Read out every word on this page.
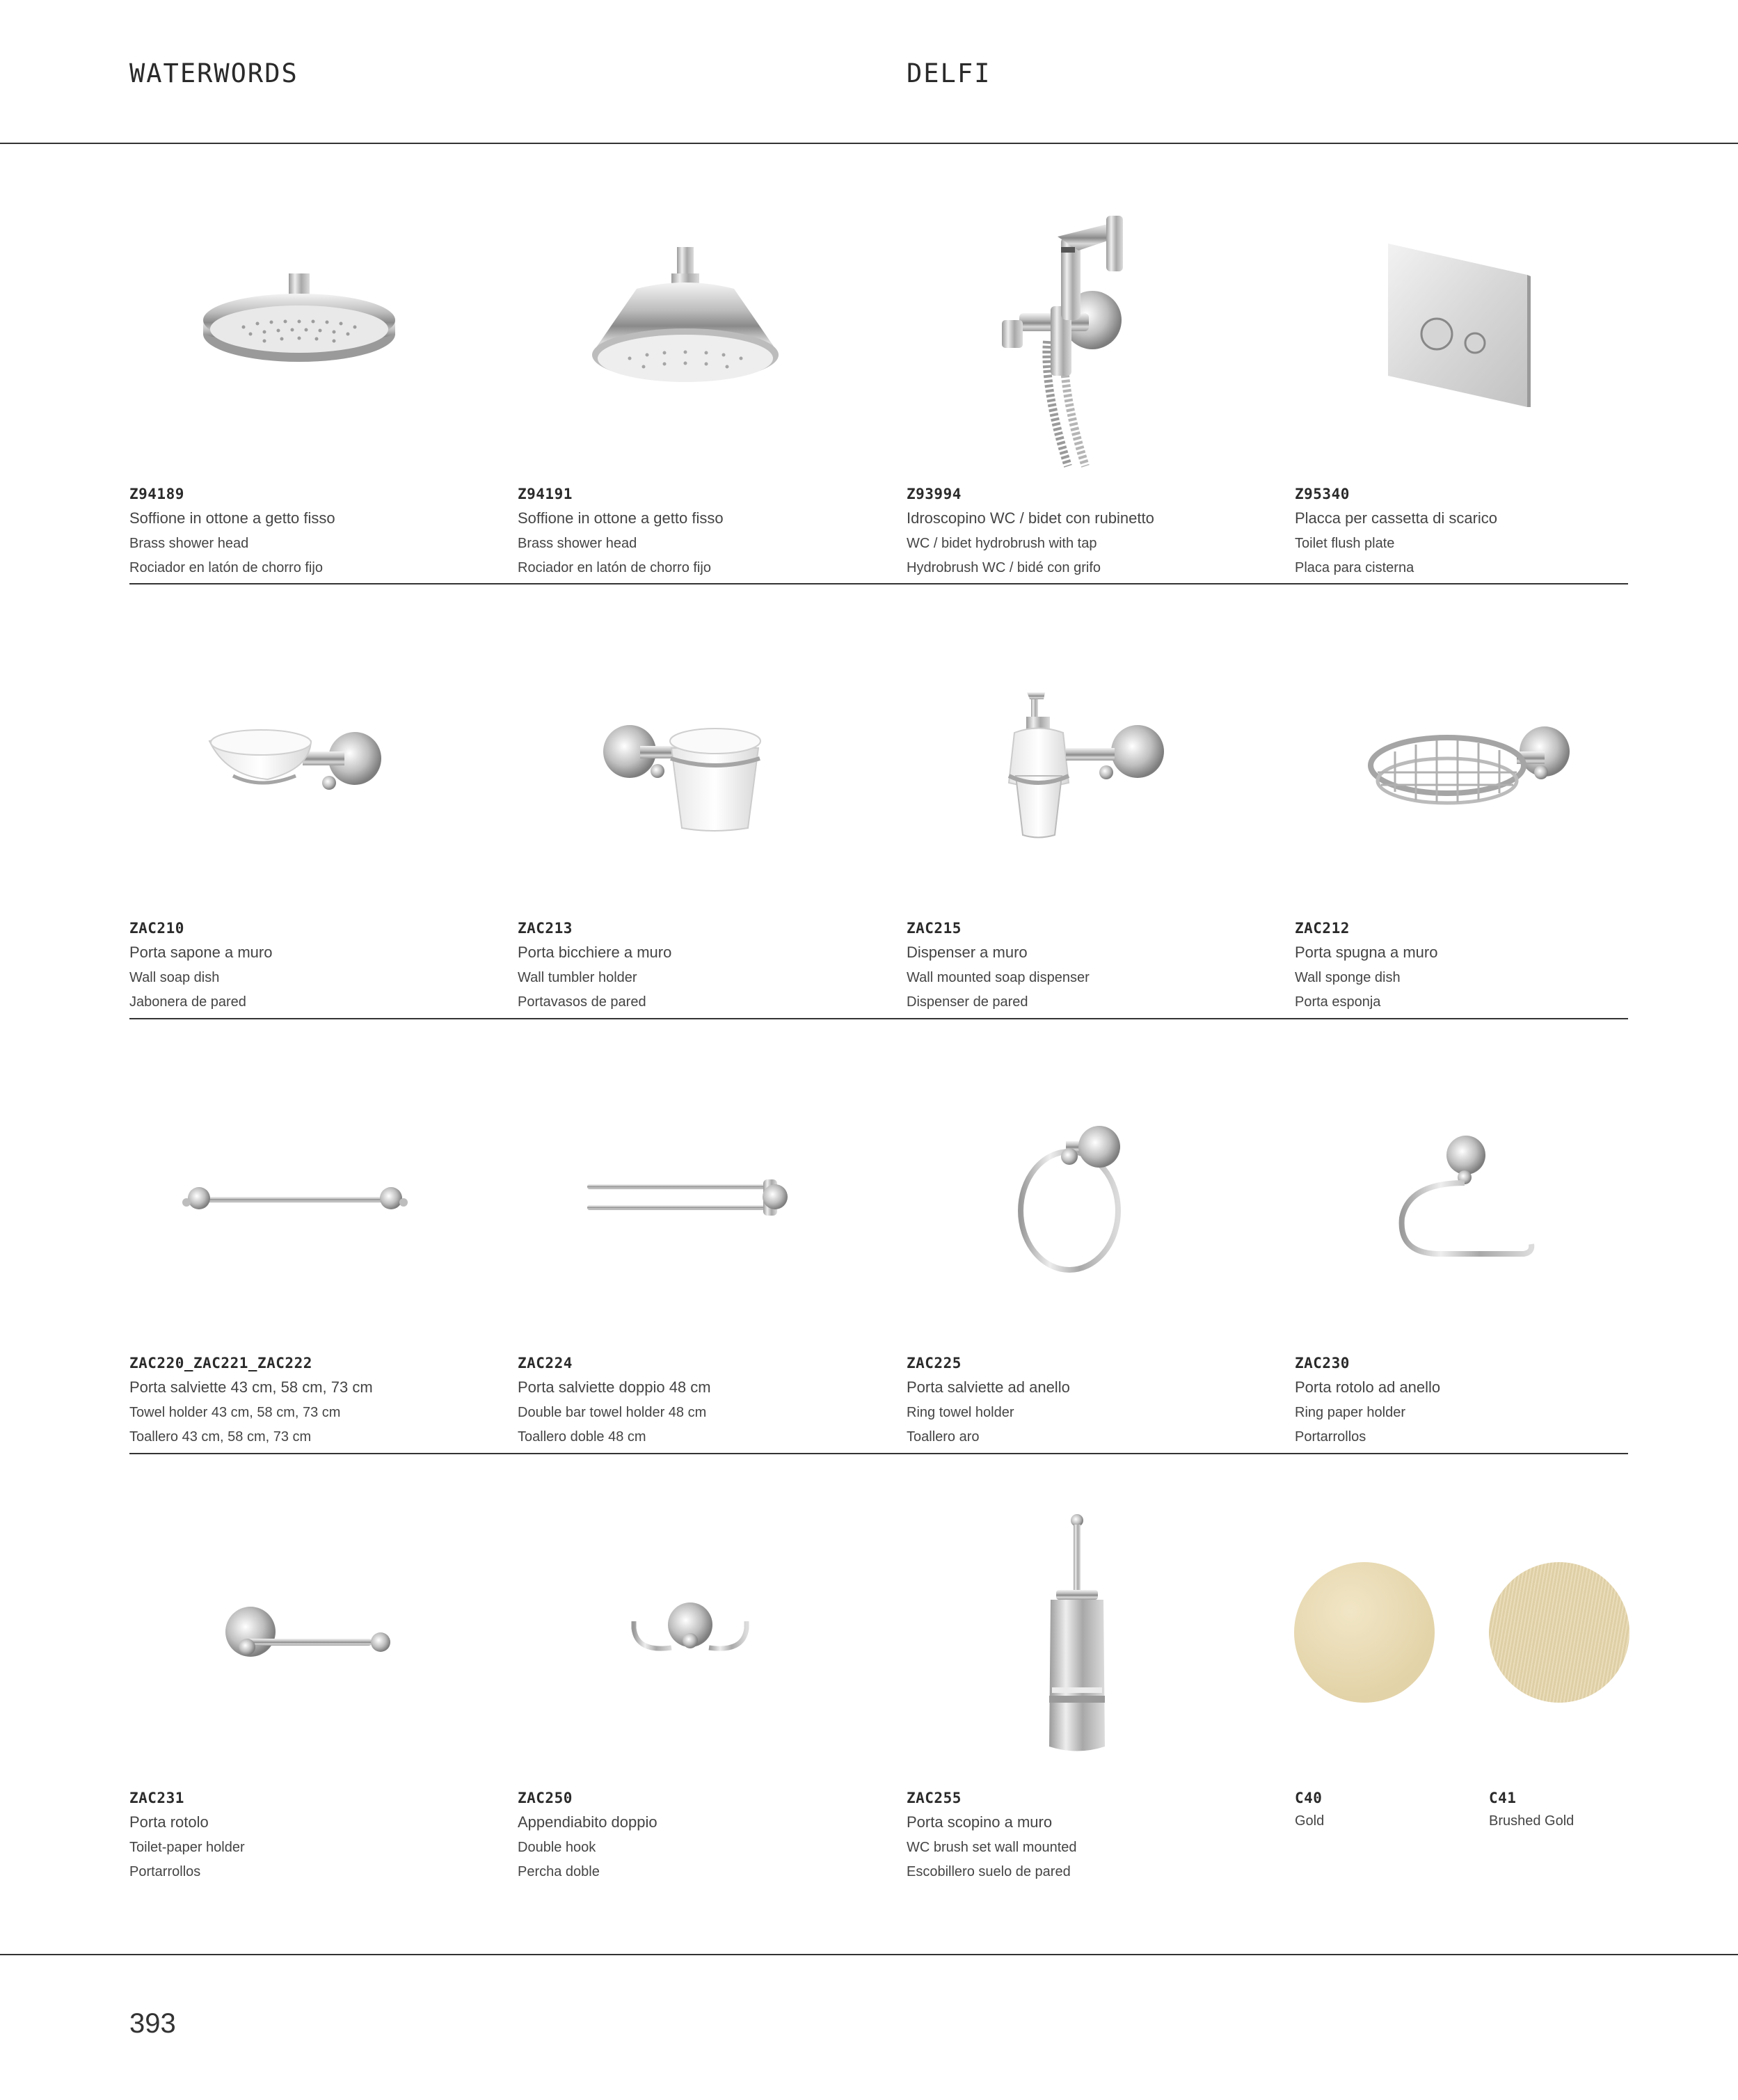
WATERWORDS	DELFI
Z94189
Soffione in ottone a getto fisso
Brass shower head
Rociador en latón de chorro fijo
Z94191
Soffione in ottone a getto fisso
Brass shower head
Rociador en latón de chorro fijo
Z93994
Idroscopino WC / bidet con rubinetto
WC / bidet hydrobrush with tap
Hydrobrush WC / bidé con grifo
Z95340
Placca per cassetta di scarico
Toilet flush plate
Placa para cisterna
ZAC210
Porta sapone a muro
Wall soap dish
Jabonera de pared
ZAC213
Porta bicchiere a muro
Wall tumbler holder
Portavasos de pared
ZAC215
Dispenser a muro
Wall mounted soap dispenser
Dispenser de pared
ZAC212
Porta spugna a muro
Wall sponge dish
Porta esponja
ZAC220_ZAC221_ZAC222
Porta salviette 43 cm, 58 cm, 73 cm
Towel holder 43 cm, 58 cm, 73 cm
Toallero 43 cm, 58 cm, 73 cm
ZAC224
Porta salviette doppio 48 cm
Double bar towel holder 48 cm
Toallero doble 48 cm
ZAC225
Porta salviette ad anello
Ring towel holder
Toallero aro
ZAC230
Porta rotolo ad anello
Ring paper holder
Portarrollos
ZAC231
Porta rotolo
Toilet-paper holder
Portarrollos
ZAC250
Appendiabito doppio
Double hook
Percha doble
ZAC255
Porta scopino a muro
WC brush set wall mounted
Escobillero suelo de pared
C40
Gold
C41
Brushed Gold
393
